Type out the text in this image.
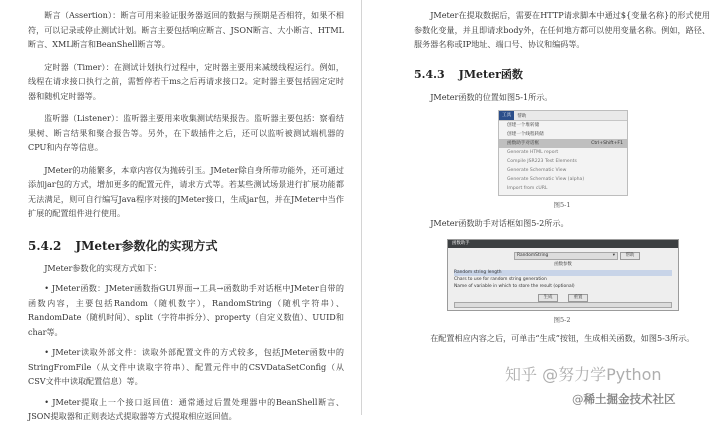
断言（Assertion）：断言可用来验证服务器返回的数据与预期是否相符，如果不相符，可以记录或停止测试计划。断言主要包括响应断言、JSON断言、大小断言、HTML断言、XML断言和BeanShell断言等。

定时器（Timer）：在测试计划执行过程中，定时器主要用来减缓线程运行。例如，线程在请求接口执行之前，需暂停若干ms之后再请求接口2。定时器主要包括固定定时器和随机定时器等。

监听器（Listener）：监听器主要用来收集测试结果报告。监听器主要包括：察看结果树、断言结果和聚合报告等。另外，在下载插件之后，还可以监听被测试端机器的CPU和内存等信息。

JMeter的功能繁多，本章内容仅为抛砖引玉。JMeter除自身所带功能外，还可通过添加jar包的方式，增加更多的配置元件，请求方式等。若某些测试场景进行扩展功能都无法满足，则可自行编写Java程序对接的JMeter接口，生成jar包，并在JMeter中当作扩展的配置组件进行使用。

5.4.2 JMeter参数化的实现方式

JMeter参数化的实现方式如下：

• JMeter函数：JMeter函数指GUI界面→工具→函数助手对话框中JMeter自带的函数内容，主要包括Random（随机数字），RandomString（随机字符串）、RandomDate（随机时间）、split（字符串拆分）、property（自定义数值）、UUID和char等。

• JMeter读取外部文件：读取外部配置文件的方式较多，包括JMeter函数中的StringFromFile（从文件中读取字符串）、配置元件中的CSVDataSetConfig（从CSV文件中读取配置信息）等。

• JMeter提取上一个接口返回值：通常通过后置处理器中的BeanShell断言、JSON提取器和正则表达式提取器等方式提取相应返回值。

JMeter在提取数据后，需要在HTTP请求脚本中通过${变量名称}的形式使用参数化变量，并且即请求body外，在任何地方都可以使用变量名称。例如，路径、服务器名称或IP地址、端口号、协议和编码等。

5.4.3 JMeter函数

JMeter函数的位置如图5-1所示。

工具	帮助
创建一个堆转储
创建一个线程转储
函数助手对话框	Ctrl+Shift+F1
Generate HTML report
Compile JSR223 Test Elements
Generate Schematic View
Generate Schematic View (alpha)
Import from cURL

图5-1

JMeter函数助手对话框如图5-2所示。

函数助手
RandomString	▾	帮助
函数参数
Random string length
Chars to use for random string generation
Name of variable in which to store the result (optional)
生成	重置

图5-2

在配置相应内容之后，可单击“生成”按钮，生成相关函数，如图5-3所示。

知乎 @努力学Python
@稀土掘金技术社区
